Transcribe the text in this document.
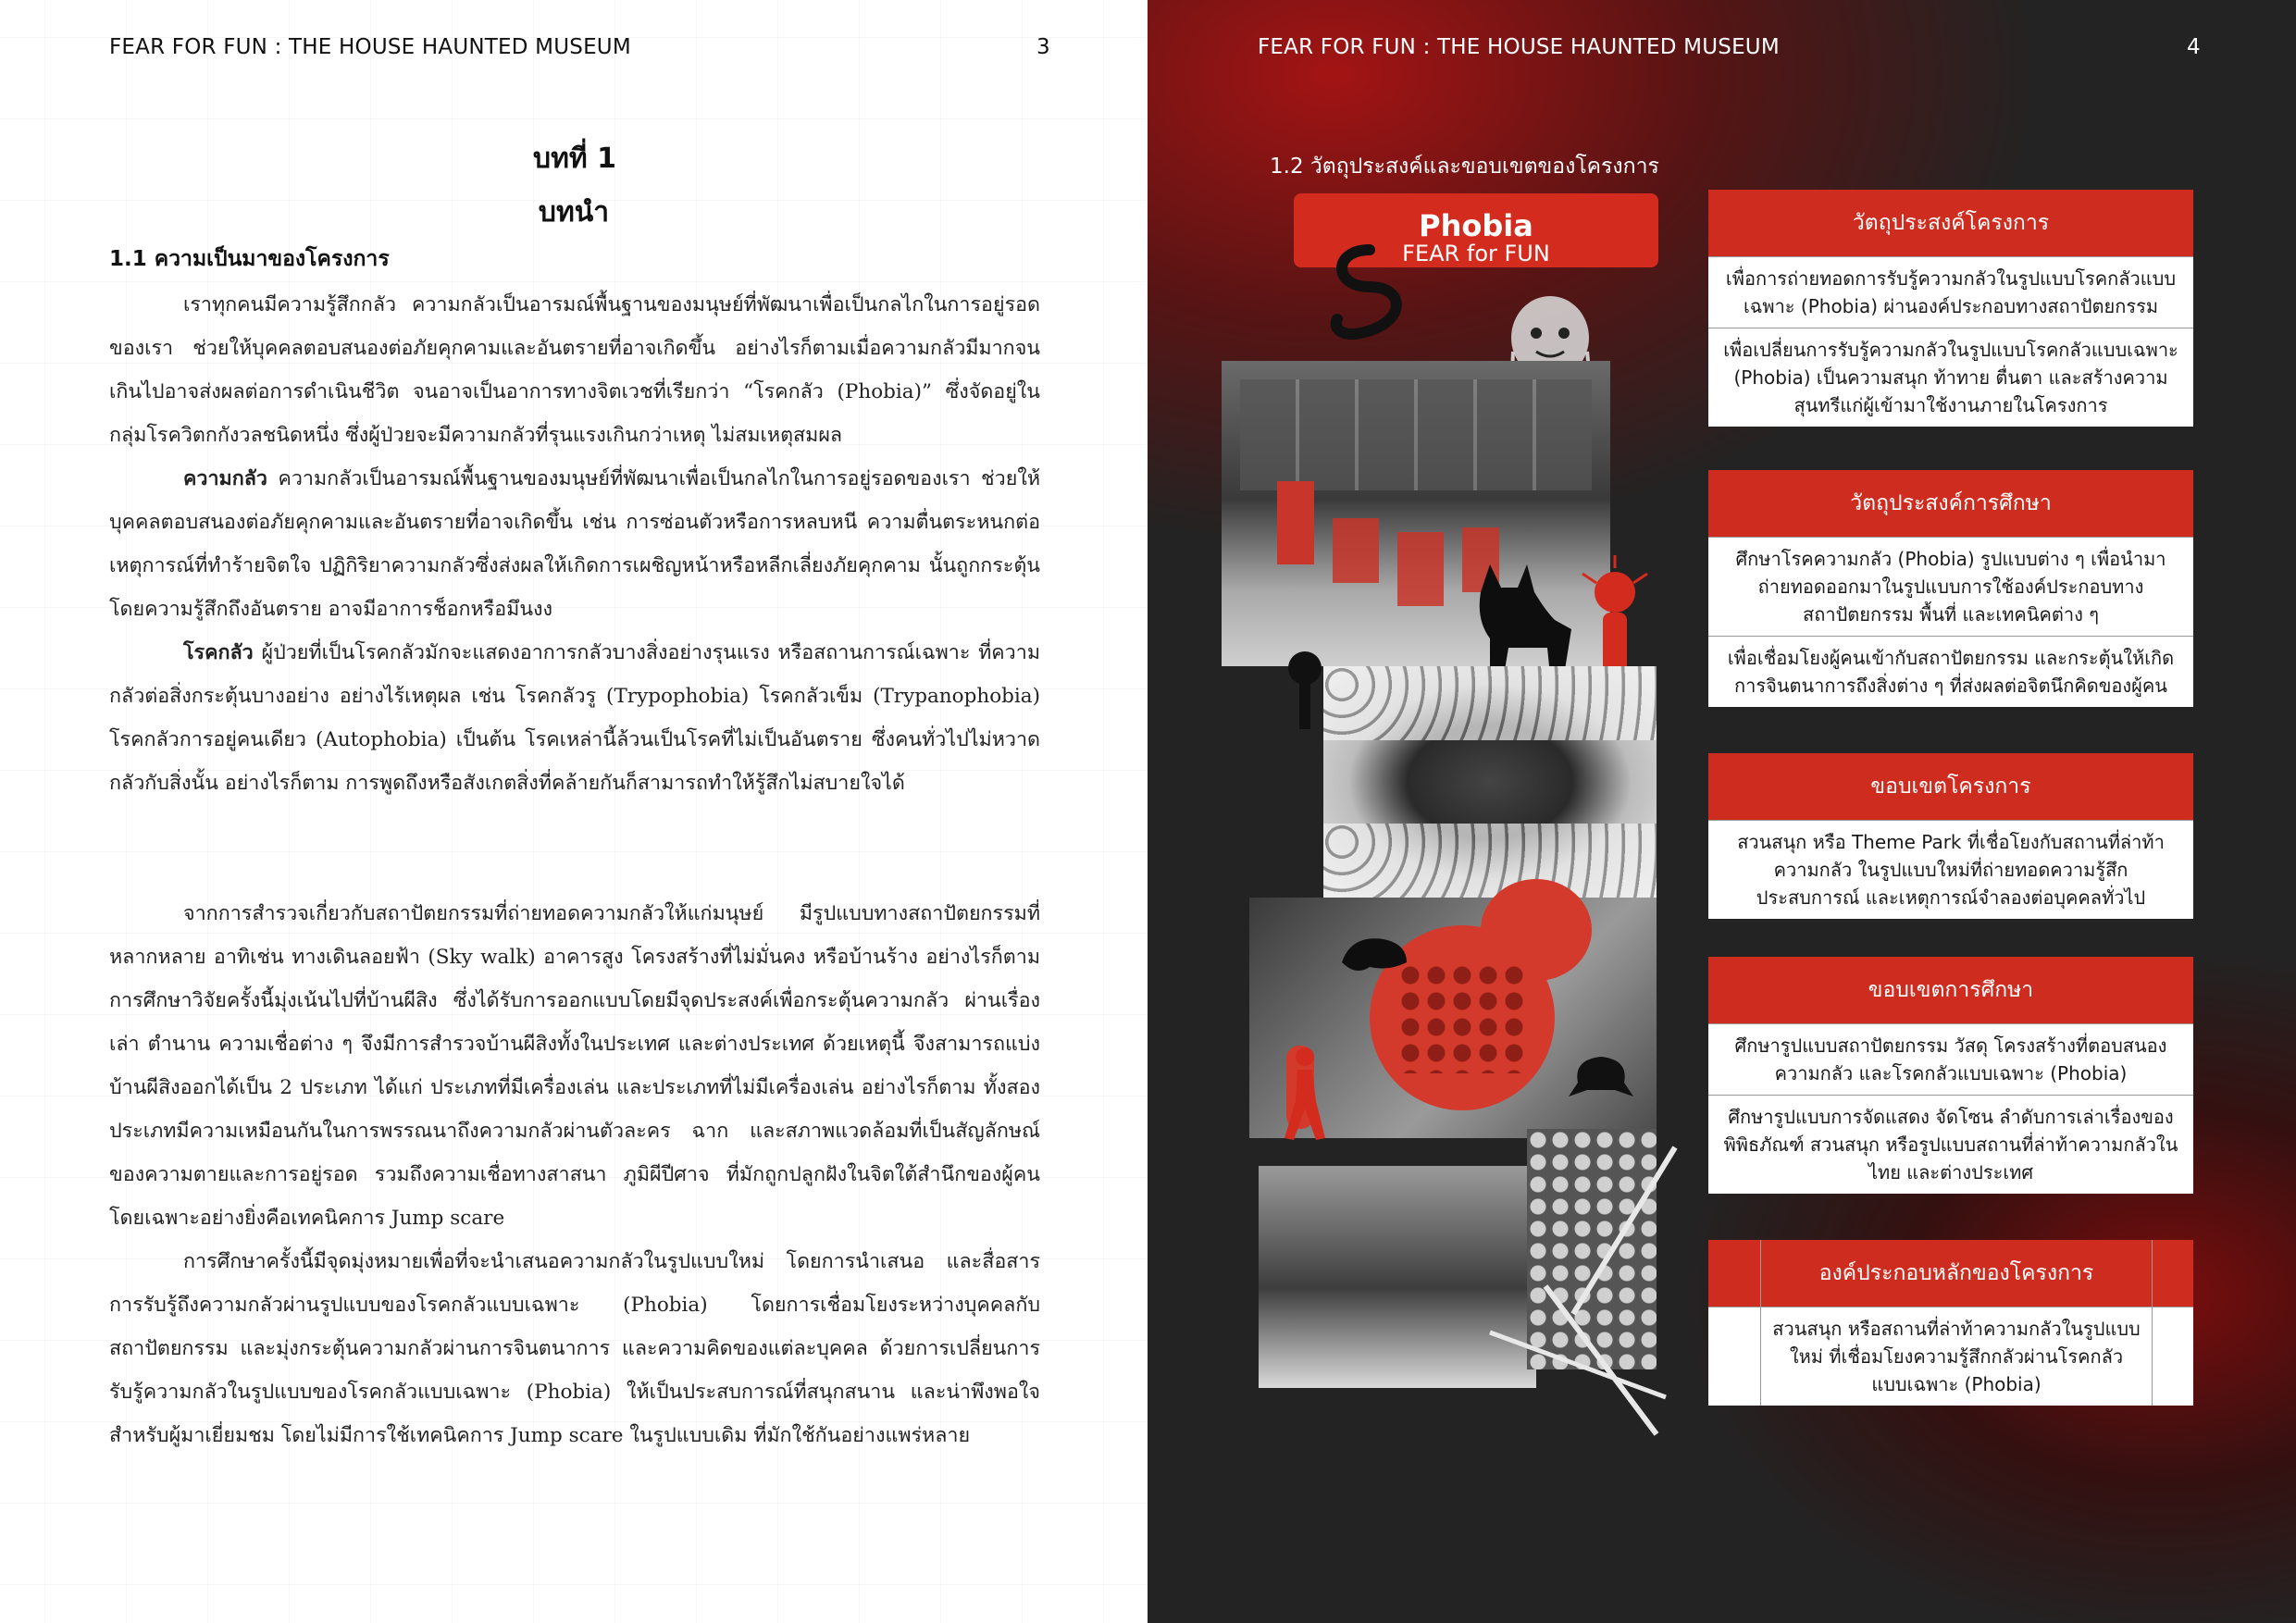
FEAR FOR FUN : THE HOUSE HAUNTED MUSEUM	3
บทที่ 1
บทนำ
1.1 ความเป็นมาของโครงการ

เราทุกคนมีความรู้สึกกลัว ความกลัวเป็นอารมณ์พื้นฐานของมนุษย์ที่พัฒนาเพื่อเป็นกลไกในการอยู่รอดของเรา ช่วยให้บุคคลตอบสนองต่อภัยคุกคามและอันตรายที่อาจเกิดขึ้น อย่างไรก็ตามเมื่อความกลัวมีมากจนเกินไปอาจส่งผลต่อการดำเนินชีวิต จนอาจเป็นอาการทางจิตเวชที่เรียกว่า “โรคกลัว (Phobia)” ซึ่งจัดอยู่ในกลุ่มโรควิตกกังวลชนิดหนึ่ง ซึ่งผู้ป่วยจะมีความกลัวที่รุนแรงเกินกว่าเหตุ ไม่สมเหตุสมผล

ความกลัว ความกลัวเป็นอารมณ์พื้นฐานของมนุษย์ที่พัฒนาเพื่อเป็นกลไกในการอยู่รอดของเรา ช่วยให้บุคคลตอบสนองต่อภัยคุกคามและอันตรายที่อาจเกิดขึ้น เช่น การซ่อนตัวหรือการหลบหนี ความตื่นตระหนกต่อเหตุการณ์ที่ทำร้ายจิตใจ ปฏิกิริยาความกลัวซึ่งส่งผลให้เกิดการเผชิญหน้าหรือหลีกเลี่ยงภัยคุกคาม นั้นถูกกระตุ้นโดยความรู้สึกถึงอันตราย อาจมีอาการช็อกหรือมึนงง

โรคกลัว ผู้ป่วยที่เป็นโรคกลัวมักจะแสดงอาการกลัวบางสิ่งอย่างรุนแรง หรือสถานการณ์เฉพาะ ที่ความกลัวต่อสิ่งกระตุ้นบางอย่าง อย่างไร้เหตุผล เช่น โรคกลัวรู (Trypophobia) โรคกลัวเข็ม (Trypanophobia) โรคกลัวการอยู่คนเดียว (Autophobia) เป็นต้น โรคเหล่านี้ล้วนเป็นโรคที่ไม่เป็นอันตราย ซึ่งคนทั่วไปไม่หวาดกลัวกับสิ่งนั้น อย่างไรก็ตาม การพูดถึงหรือสังเกตสิ่งที่คล้ายกันก็สามารถทำให้รู้สึกไม่สบายใจได้

จากการสำรวจเกี่ยวกับสถาปัตยกรรมที่ถ่ายทอดความกลัวให้แก่มนุษย์ มีรูปแบบทางสถาปัตยกรรมที่หลากหลาย อาทิเช่น ทางเดินลอยฟ้า (Sky walk) อาคารสูง โครงสร้างที่ไม่มั่นคง หรือบ้านร้าง อย่างไรก็ตามการศึกษาวิจัยครั้งนี้มุ่งเน้นไปที่บ้านผีสิง ซึ่งได้รับการออกแบบโดยมีจุดประสงค์เพื่อกระตุ้นความกลัว ผ่านเรื่องเล่า ตำนาน ความเชื่อต่าง ๆ จึงมีการสำรวจบ้านผีสิงทั้งในประเทศ และต่างประเทศ ด้วยเหตุนี้ จึงสามารถแบ่งบ้านผีสิงออกได้เป็น 2 ประเภท ได้แก่ ประเภทที่มีเครื่องเล่น และประเภทที่ไม่มีเครื่องเล่น อย่างไรก็ตาม ทั้งสองประเภทมีความเหมือนกันในการพรรณนาถึงความกลัวผ่านตัวละคร ฉาก และสภาพแวดล้อมที่เป็นสัญลักษณ์ของความตายและการอยู่รอด รวมถึงความเชื่อทางสาสนา ภูมิผีปีศาจ ที่มักถูกปลูกฝังในจิตใต้สำนึกของผู้คน โดยเฉพาะอย่างยิ่งคือเทคนิคการ Jump scare

การศึกษาครั้งนี้มีจุดมุ่งหมายเพื่อที่จะนำเสนอความกลัวในรูปแบบใหม่ โดยการนำเสนอ และสื่อสารการรับรู้ถึงความกลัวผ่านรูปแบบของโรคกลัวแบบเฉพาะ (Phobia) โดยการเชื่อมโยงระหว่างบุคคลกับสถาปัตยกรรม และมุ่งกระตุ้นความกลัวผ่านการจินตนาการ และความคิดของแต่ละบุคคล ด้วยการเปลี่ยนการรับรู้ความกลัวในรูปแบบของโรคกลัวแบบเฉพาะ (Phobia) ให้เป็นประสบการณ์ที่สนุกสนาน และน่าพึงพอใจสำหรับผู้มาเยี่ยมชม โดยไม่มีการใช้เทคนิคการ Jump scare ในรูปแบบเดิม ที่มักใช้กันอย่างแพร่หลาย

FEAR FOR FUN : THE HOUSE HAUNTED MUSEUM	4
1.2 วัตถุประสงค์และขอบเขตของโครงการ
Phobia
FEAR for FUN
วัตถุประสงค์โครงการ
เพื่อการถ่ายทอดการรับรู้ความกลัวในรูปแบบโรคกลัวแบบเฉพาะ (Phobia) ผ่านองค์ประกอบทางสถาปัตยกรรม
เพื่อเปลี่ยนการรับรู้ความกลัวในรูปแบบโรคกลัวแบบเฉพาะ (Phobia) เป็นความสนุก ท้าทาย ตื่นตา และสร้างความสุนทรีแก่ผู้เข้ามาใช้งานภายในโครงการ
วัตถุประสงค์การศึกษา
ศึกษาโรคความกลัว (Phobia) รูปแบบต่าง ๆ เพื่อนำมาถ่ายทอดออกมาในรูปแบบการใช้องค์ประกอบทางสถาปัตยกรรม พื้นที่ และเทคนิคต่าง ๆ
เพื่อเชื่อมโยงผู้คนเข้ากับสถาปัตยกรรม และกระตุ้นให้เกิดการจินตนาการถึงสิ่งต่าง ๆ ที่ส่งผลต่อจิตนึกคิดของผู้คน
ขอบเขตโครงการ
สวนสนุก หรือ Theme Park ที่เชื่อโยงกับสถานที่ล่าท้าความกลัว ในรูปแบบใหม่ที่ถ่ายทอดความรู้สึก ประสบการณ์ และเหตุการณ์จำลองต่อบุคคลทั่วไป
ขอบเขตการศึกษา
ศึกษารูปแบบสถาปัตยกรรม วัสดุ โครงสร้างที่ตอบสนองความกลัว และโรคกลัวแบบเฉพาะ (Phobia)
ศึกษารูปแบบการจัดแสดง จัดโซน ลำดับการเล่าเรื่องของพิพิธภัณฑ์ สวนสนุก หรือรูปแบบสถานที่ล่าท้าความกลัวในไทย และต่างประเทศ
องค์ประกอบหลักของโครงการ
สวนสนุก หรือสถานที่ล่าท้าความกลัวในรูปแบบใหม่ ที่เชื่อมโยงความรู้สึกกลัวผ่านโรคกลัวแบบเฉพาะ (Phobia)
